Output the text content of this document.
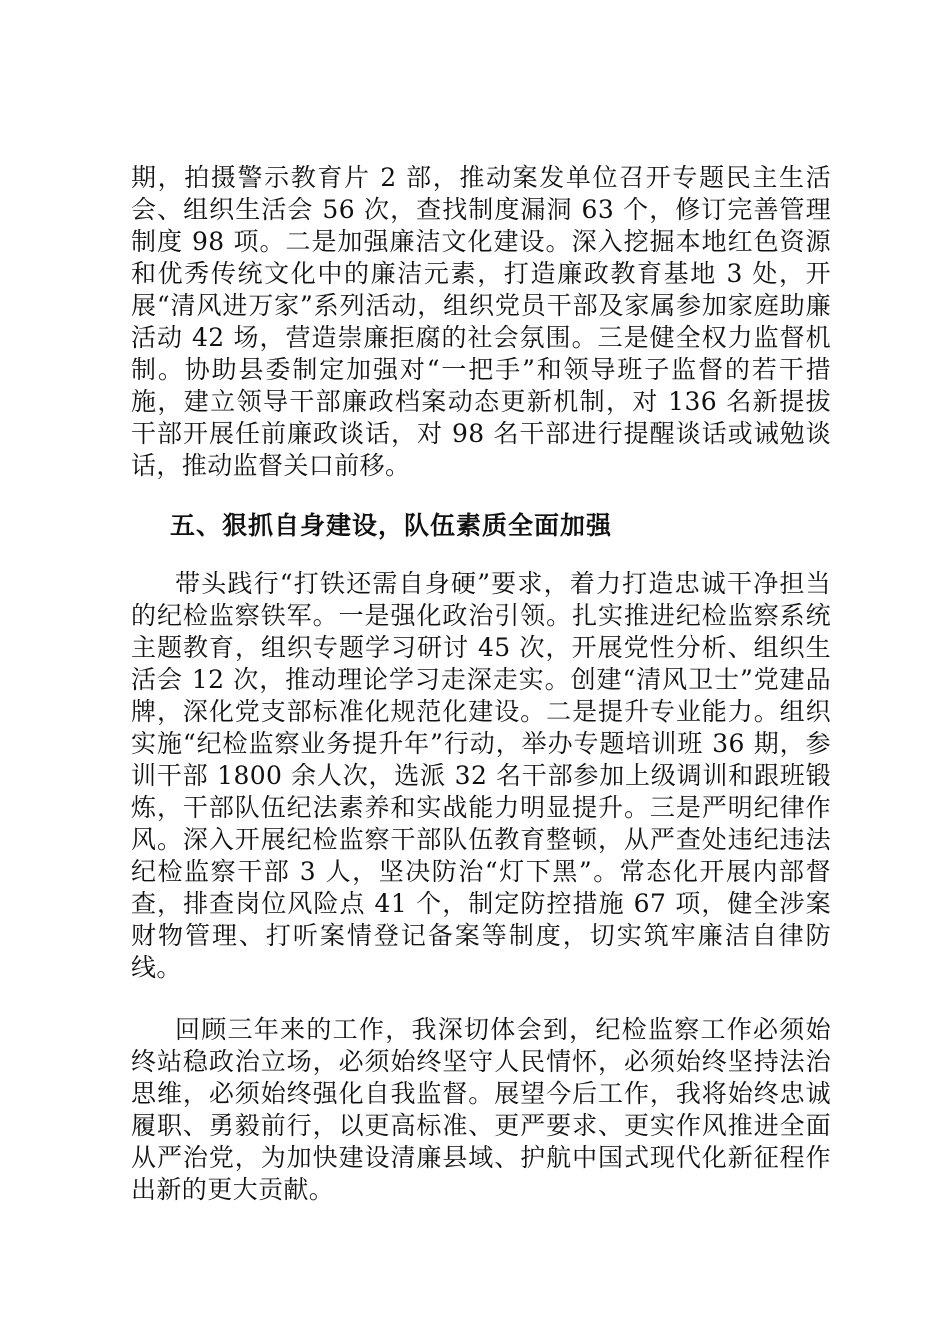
期，拍摄警示教育片 2 部，推动案发单位召开专题民主生活会、组织生活会 56 次，查找制度漏洞 63 个，修订完善管理制度 98 项。二是加强廉洁文化建设。深入挖掘本地红色资源和优秀传统文化中的廉洁元素，打造廉政教育基地 3 处，开展“清风进万家”系列活动，组织党员干部及家属参加家庭助廉活动 42 场，营造崇廉拒腐的社会氛围。三是健全权力监督机制。协助县委制定加强对“一把手”和领导班子监督的若干措施，建立领导干部廉政档案动态更新机制，对 136 名新提拔干部开展任前廉政谈话，对 98 名干部进行提醒谈话或诫勉谈话，推动监督关口前移。

五、狠抓自身建设，队伍素质全面加强

带头践行“打铁还需自身硬”要求，着力打造忠诚干净担当的纪检监察铁军。一是强化政治引领。扎实推进纪检监察系统主题教育，组织专题学习研讨 45 次，开展党性分析、组织生活会 12 次，推动理论学习走深走实。创建“清风卫士”党建品牌，深化党支部标准化规范化建设。二是提升专业能力。组织实施“纪检监察业务提升年”行动，举办专题培训班 36 期，参训干部 1800 余人次，选派 32 名干部参加上级调训和跟班锻炼，干部队伍纪法素养和实战能力明显提升。三是严明纪律作风。深入开展纪检监察干部队伍教育整顿，从严查处违纪违法纪检监察干部 3 人，坚决防治“灯下黑”。常态化开展内部督查，排查岗位风险点 41 个，制定防控措施 67 项，健全涉案财物管理、打听案情登记备案等制度，切实筑牢廉洁自律防线。

回顾三年来的工作，我深切体会到，纪检监察工作必须始终站稳政治立场，必须始终坚守人民情怀，必须始终坚持法治思维，必须始终强化自我监督。展望今后工作，我将始终忠诚履职、勇毅前行，以更高标准、更严要求、更实作风推进全面从严治党，为加快建设清廉县域、护航中国式现代化新征程作出新的更大贡献。
